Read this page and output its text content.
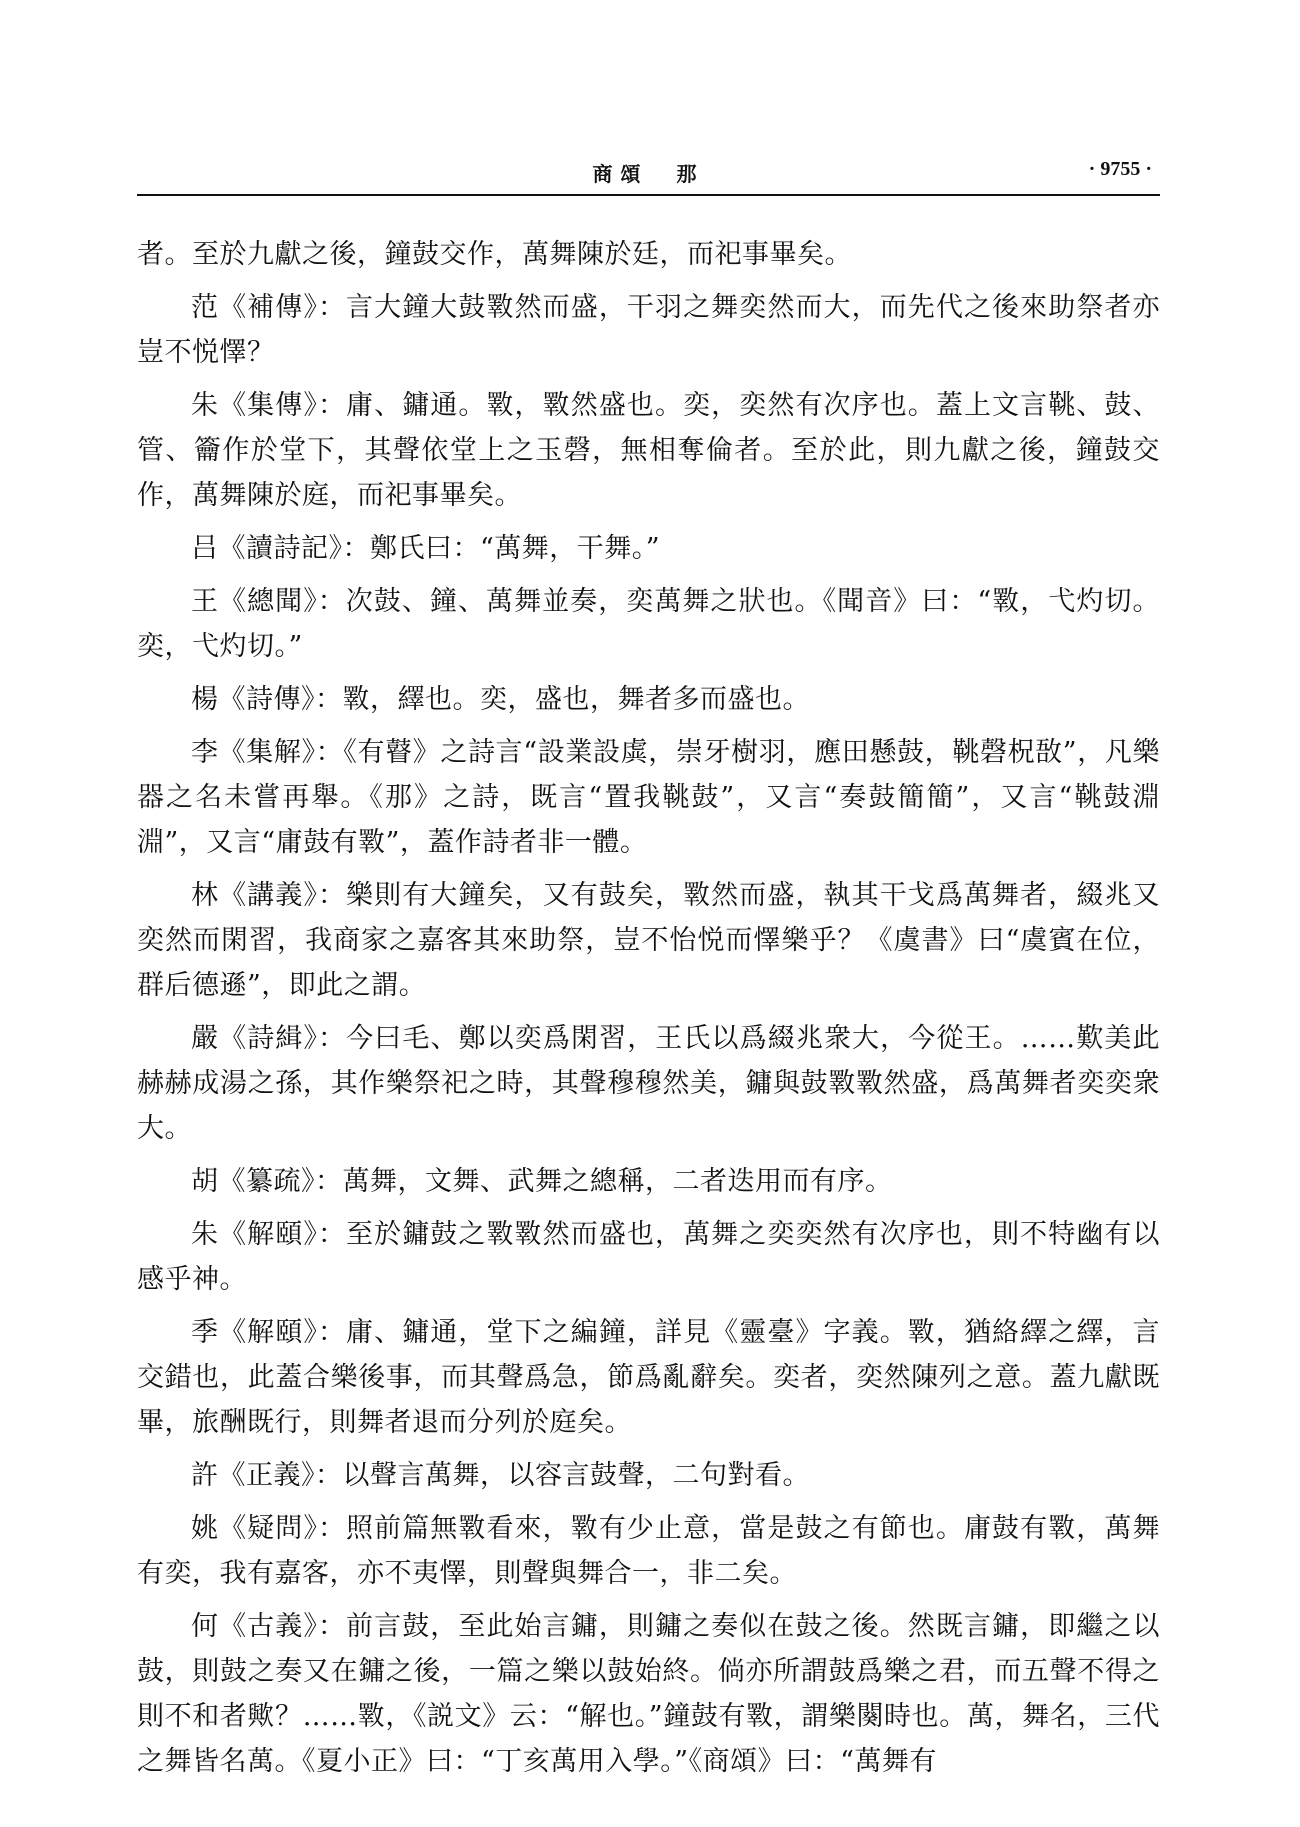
商頌　那	· 9755 ·

者。至於九獻之後，鐘鼓交作，萬舞陳於廷，而祀事畢矣。

范《補傳》：言大鐘大鼓斁然而盛，干羽之舞奕然而大，而先代之後來助祭者亦豈不悦懌？

朱《集傳》：庸、鏞通。斁，斁然盛也。奕，奕然有次序也。蓋上文言鞉、鼓、管、籥作於堂下，其聲依堂上之玉磬，無相奪倫者。至於此，則九獻之後，鐘鼓交作，萬舞陳於庭，而祀事畢矣。

吕《讀詩記》：鄭氏曰：“萬舞，干舞。”

王《總聞》：次鼓、鐘、萬舞並奏，奕萬舞之狀也。《聞音》曰：“斁，弋灼切。奕，弋灼切。”

楊《詩傳》：斁，繹也。奕，盛也，舞者多而盛也。

李《集解》：《有瞽》之詩言“設業設虡，崇牙樹羽，應田懸鼓，鞉磬柷敔”，凡樂器之名未嘗再舉。《那》之詩，既言“置我鞉鼓”，又言“奏鼓簡簡”，又言“鞉鼓淵淵”，又言“庸鼓有斁”，蓋作詩者非一體。

林《講義》：樂則有大鐘矣，又有鼓矣，斁然而盛，執其干戈爲萬舞者，綴兆又奕然而閑習，我商家之嘉客其來助祭，豈不怡悦而懌樂乎？《虞書》曰“虞賓在位，群后德遜”，即此之謂。

嚴《詩緝》：今曰毛、鄭以奕爲閑習，王氏以爲綴兆衆大，今從王。……歎美此赫赫成湯之孫，其作樂祭祀之時，其聲穆穆然美，鏞與鼓斁斁然盛，爲萬舞者奕奕衆大。

胡《纂疏》：萬舞，文舞、武舞之總稱，二者迭用而有序。

朱《解頤》：至於鏞鼓之斁斁然而盛也，萬舞之奕奕然有次序也，則不特幽有以感乎神。

季《解頤》：庸、鏞通，堂下之編鐘，詳見《靈臺》字義。斁，猶絡繹之繹，言交錯也，此蓋合樂後事，而其聲爲急，節爲亂辭矣。奕者，奕然陳列之意。蓋九獻既畢，旅酬既行，則舞者退而分列於庭矣。

許《正義》：以聲言萬舞，以容言鼓聲，二句對看。

姚《疑問》：照前篇無斁看來，斁有少止意，當是鼓之有節也。庸鼓有斁，萬舞有奕，我有嘉客，亦不夷懌，則聲與舞合一，非二矣。

何《古義》：前言鼓，至此始言鏞，則鏞之奏似在鼓之後。然既言鏞，即繼之以鼓，則鼓之奏又在鏞之後，一篇之樂以鼓始終。倘亦所謂鼓爲樂之君，而五聲不得之則不和者歟？……斁，《説文》云：“解也。”鐘鼓有斁，謂樂闋時也。萬，舞名，三代之舞皆名萬。《夏小正》曰：“丁亥萬用入學。”《商頌》曰：“萬舞有
